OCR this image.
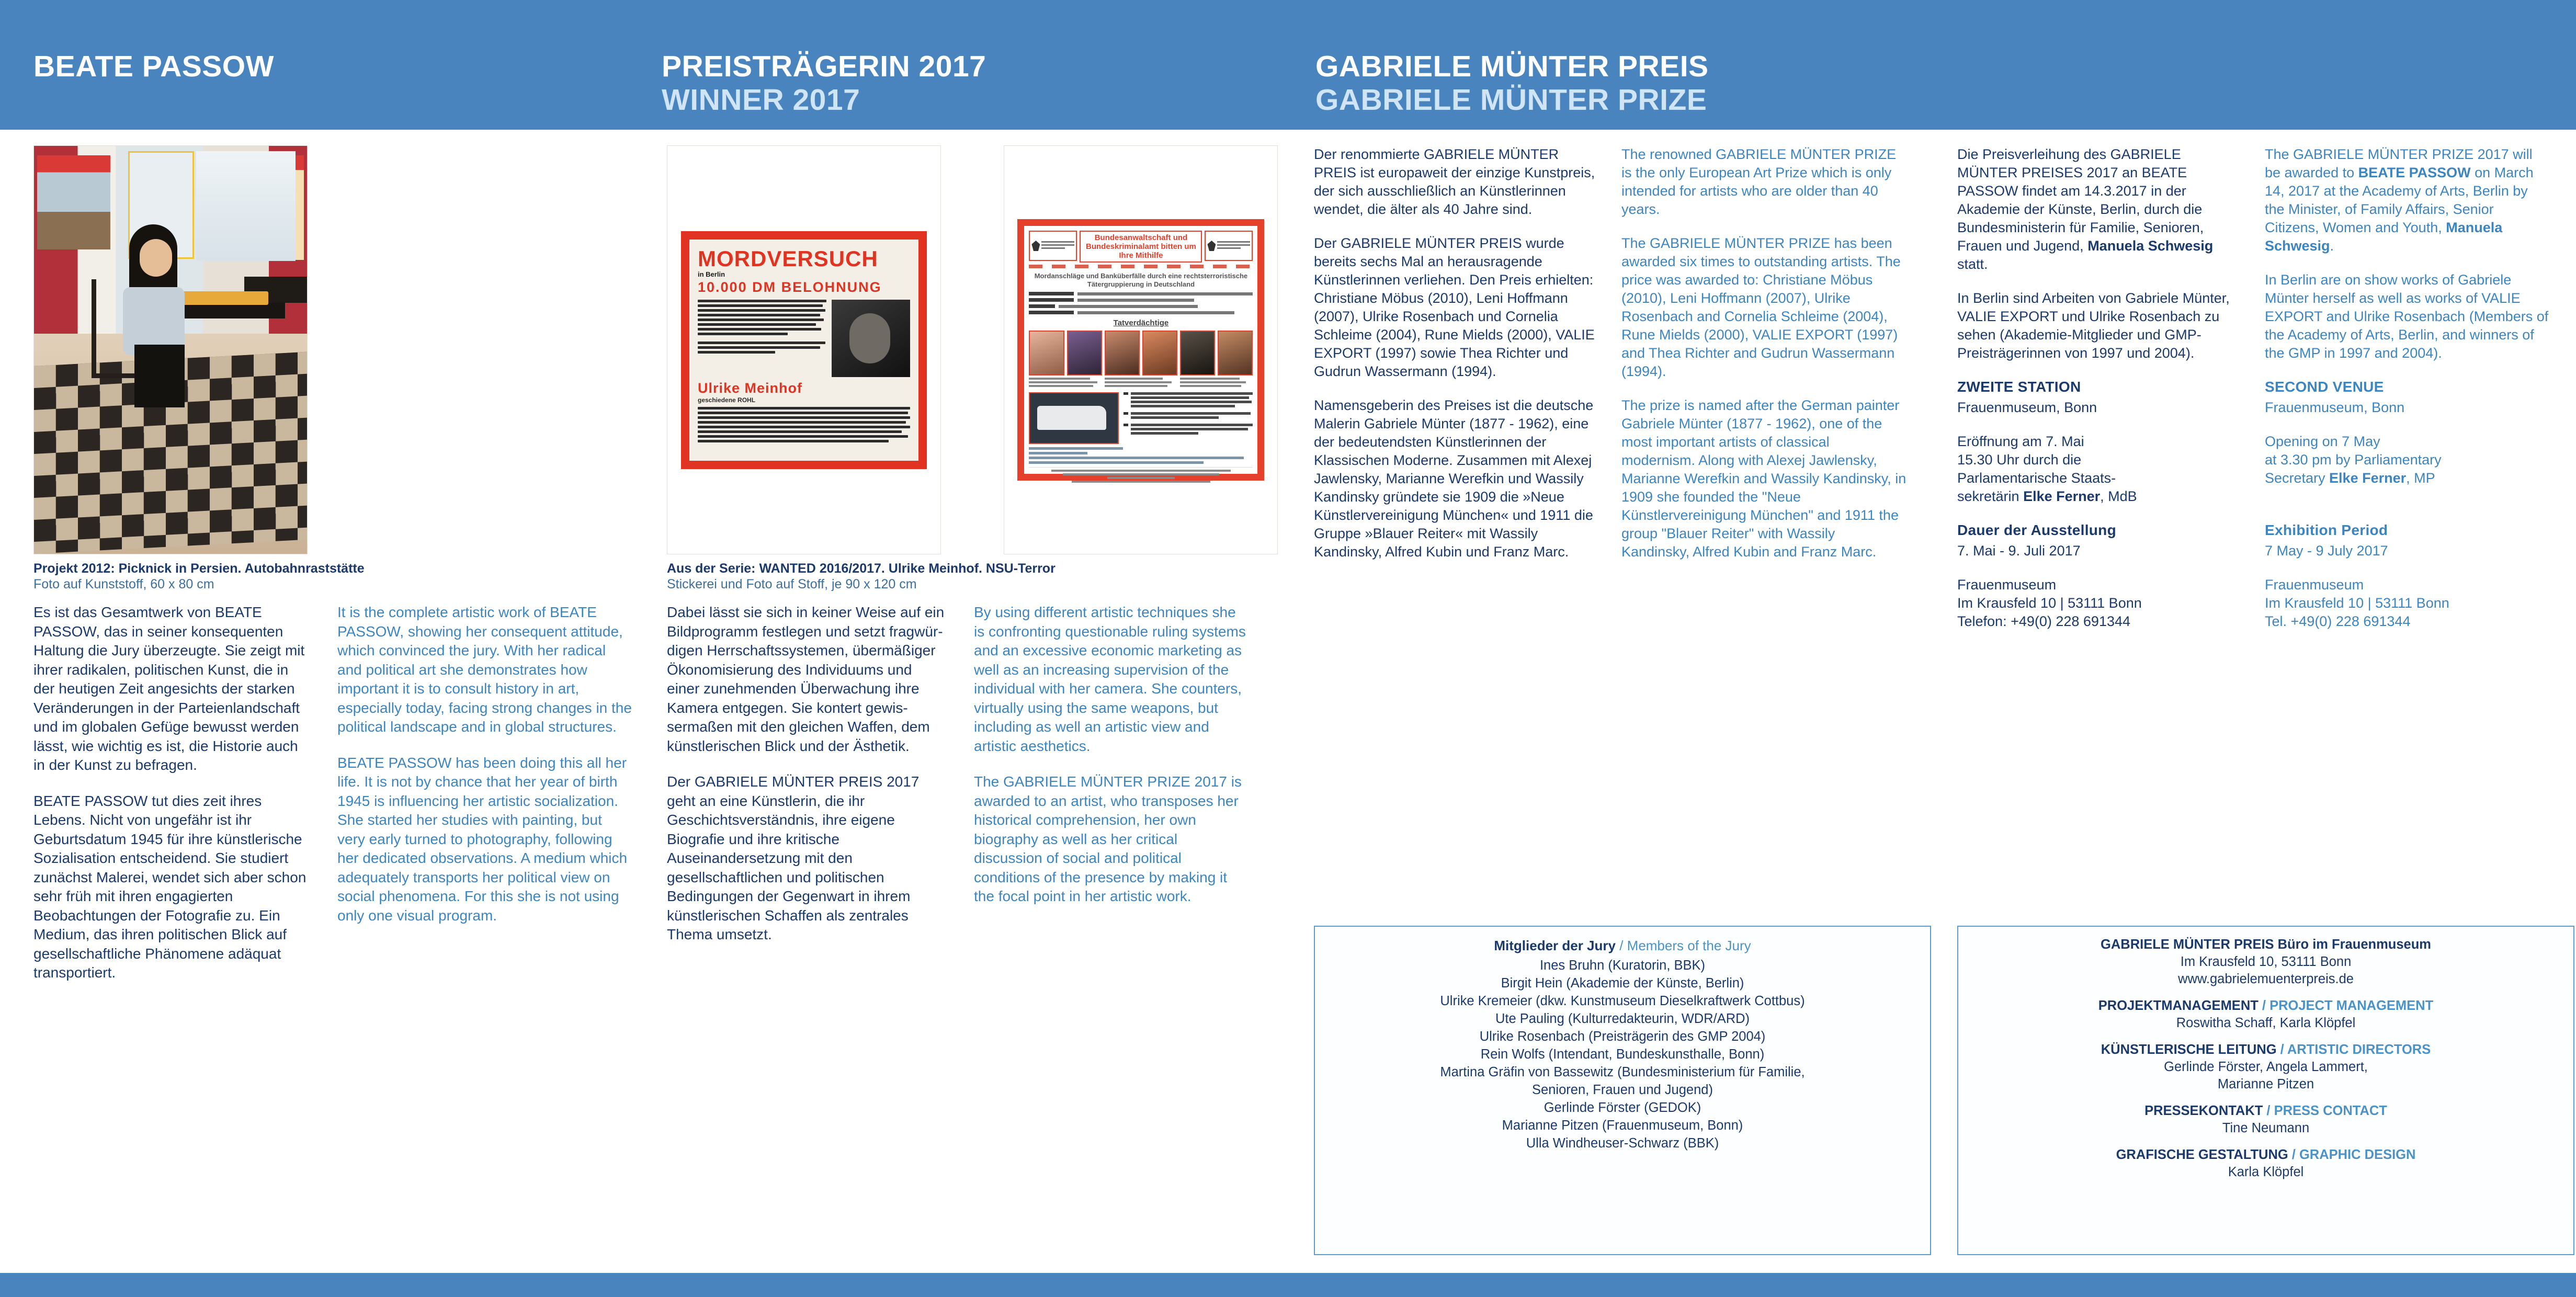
BEATE PASSOW	PREISTRÄGERIN 2017
WINNER 2017
GABRIELE MÜNTER PREIS
GABRIELE MÜNTER PRIZE
Projekt 2012: Picknick in Persien. Autobahnraststätte
Foto auf Kunststoff, 60 x 80 cm
MORDVERSUCH
in Berlin
10.000 DM BELOHNUNG
Ulrike Meinhof
geschiedene ROHL

Bundesanwaltschaft und Bundeskriminalamt bitten um Ihre Mithilfe
Mordanschläge und Banküberfälle durch eine rechtsterroristische Tätergruppierung in Deutschland
Tatverdächtige
Aus der Serie: WANTED 2016/2017. Ulrike Meinhof. NSU-Terror
Stickerei und Foto auf Stoff, je 90 x 120 cm

Es ist das Gesamtwerk von BEATE PASSOW, das in seiner konsequenten Haltung die Jury überzeugte. Sie zeigt mit ihrer radikalen, politischen Kunst, die in der heutigen Zeit angesichts der starken Veränderungen in der Parteienlandschaft und im globalen Gefüge bewusst werden lässt, wie wichtig es ist, die Historie auch in der Kunst zu befragen.

BEATE PASSOW tut dies zeit ihres Lebens. Nicht von ungefähr ist ihr Geburtsdatum 1945 für ihre künstlerische Sozialisation entscheidend. Sie studiert zunächst Malerei, wendet sich aber schon sehr früh mit ihren engagierten Beobachtungen der Fotografie zu. Ein Medium, das ihren politischen Blick auf gesellschaftliche Phänomene adäquat transportiert.

It is the complete artistic work of BEATE PASSOW, showing her consequent attitude, which convinced the jury. With her radical and political art she demonstrates how important it is to consult history in art, especially today, facing strong changes in the political landscape and in global structures.

BEATE PASSOW has been doing this all her life. It is not by chance that her year of birth 1945 is influencing her artistic socialization. She started her studies with painting, but very early turned to photography, following her dedicated observations. A medium which adequately transports her political view on social phenomena. For this she is not using only one visual program.

Dabei lässt sie sich in keiner Weise auf ein Bildprogramm festlegen und setzt fragwürdigen Herrschaftssystemen, übermäßiger Ökonomisierung des Individuums und einer zunehmenden Überwachung ihre Kamera entgegen. Sie kontert gewissermaßen mit den gleichen Waffen, dem künstlerischen Blick und der Ästhetik.

Der GABRIELE MÜNTER PREIS 2017 geht an eine Künstlerin, die ihr Geschichtsverständnis, ihre eigene Biografie und ihre kritische Auseinandersetzung mit den gesellschaftlichen und politischen Bedingungen der Gegenwart in ihrem künstlerischen Schaffen als zentrales Thema umsetzt.

By using different artistic techniques she is confronting questionable ruling systems and an excessive economic marketing as well as an increasing supervision of the individual with her camera. She counters, virtually using the same weapons, but including as well an artistic view and artistic aesthetics.

The GABRIELE MÜNTER PRIZE 2017 is awarded to an artist, who transposes her historical comprehension, her own biography as well as her critical discussion of social and political conditions of the presence by making it the focal point in her artistic work.

Der renommierte GABRIELE MÜNTER PREIS ist europaweit der einzige Kunstpreis, der sich ausschließlich an Künstlerinnen wendet, die älter als 40 Jahre sind.

Der GABRIELE MÜNTER PREIS wurde bereits sechs Mal an herausragende Künstlerinnen verliehen. Den Preis erhielten: Christiane Möbus (2010), Leni Hoffmann (2007), Ulrike Rosenbach und Cornelia Schleime (2004), Rune Mields (2000), VALIE EXPORT (1997) sowie Thea Richter und Gudrun Wassermann (1994).

Namensgeberin des Preises ist die deutsche Malerin Gabriele Münter (1877 - 1962), eine der bedeutendsten Künstlerinnen der Klassischen Moderne. Zusammen mit Alexej Jawlensky, Marianne Werefkin und Wassily Kandinsky gründete sie 1909 die »Neue Künstlervereinigung München« und 1911 die Gruppe »Blauer Reiter« mit Wassily Kandinsky, Alfred Kubin und Franz Marc.

The renowned GABRIELE MÜNTER PRIZE is the only European Art Prize which is only intended for artists who are older than 40 years.

The GABRIELE MÜNTER PRIZE has been awarded six times to outstanding artists. The price was awarded to: Christiane Möbus (2010), Leni Hoffmann (2007), Ulrike Rosenbach and Cornelia Schleime (2004), Rune Mields (2000), VALIE EXPORT (1997) and Thea Richter and Gudrun Wassermann (1994).

The prize is named after the German painter Gabriele Münter (1877 - 1962), one of the most important artists of classical modernism. Along with Alexej Jawlensky, Marianne Werefkin and Wassily Kandinsky, in 1909 she founded the "Neue Künstlervereinigung München" and 1911 the group "Blauer Reiter" with Wassily Kandinsky, Alfred Kubin and Franz Marc.

Die Preisverleihung des GABRIELE MÜNTER PREISES 2017 an BEATE PASSOW findet am 14.3.2017 in der Akademie der Künste, Berlin, durch die Bundesministerin für Familie, Senioren, Frauen und Jugend, Manuela Schwesig statt.

In Berlin sind Arbeiten von Gabriele Münter, VALIE EXPORT und Ulrike Rosenbach zu sehen (Akademie-Mitglieder und GMP-Preisträgerinnen von 1997 und 2004).

ZWEITE STATION

Frauenmuseum, Bonn

Eröffnung am 7. Mai

15.30 Uhr durch die

Parlamentarische Staats-

sekretärin Elke Ferner, MdB

Dauer der Ausstellung

7. Mai - 9. Juli 2017

Frauenmuseum

Im Krausfeld 10 | 53111 Bonn

Telefon: +49(0) 228 691344

The GABRIELE MÜNTER PRIZE 2017 will be awarded to BEATE PASSOW on March 14, 2017 at the Academy of Arts, Berlin by the Minister, of Family Affairs, Senior Citizens, Women and Youth, Manuela Schwesig.

In Berlin are on show works of Gabriele Münter herself as well as works of VALIE EXPORT and Ulrike Rosenbach (Members of the Academy of Arts, Berlin, and winners of the GMP in 1997 and 2004).

SECOND VENUE

Frauenmuseum, Bonn

Opening on 7 May

at 3.30 pm by Parliamentary

Secretary Elke Ferner, MP

Exhibition Period

7 May - 9 July 2017

Frauenmuseum

Im Krausfeld 10 | 53111 Bonn

Tel. +49(0) 228 691344

Mitglieder der Jury / Members of the Jury
Ines Bruhn (Kuratorin, BBK)
Birgit Hein (Akademie der Künste, Berlin)
Ulrike Kremeier (dkw. Kunstmuseum Dieselkraftwerk Cottbus)
Ute Pauling (Kulturredakteurin, WDR/ARD)
Ulrike Rosenbach (Preisträgerin des GMP 2004)
Rein Wolfs (Intendant, Bundeskunsthalle, Bonn)
Martina Gräfin von Bassewitz (Bundesministerium für Familie,
Senioren, Frauen und Jugend)
Gerlinde Förster (GEDOK)
Marianne Pitzen (Frauenmuseum, Bonn)
Ulla Windheuser-Schwarz (BBK)
GABRIELE MÜNTER PREIS Büro im Frauenmuseum
Im Krausfeld 10, 53111 Bonn
www.gabrielemuenterpreis.de
PROJEKTMANAGEMENT / PROJECT MANAGEMENT
Roswitha Schaff, Karla Klöpfel
KÜNSTLERISCHE LEITUNG / ARTISTIC DIRECTORS
Gerlinde Förster, Angela Lammert,
Marianne Pitzen
PRESSEKONTAKT / PRESS CONTACT
Tine Neumann
GRAFISCHE GESTALTUNG / GRAPHIC DESIGN
Karla Klöpfel
